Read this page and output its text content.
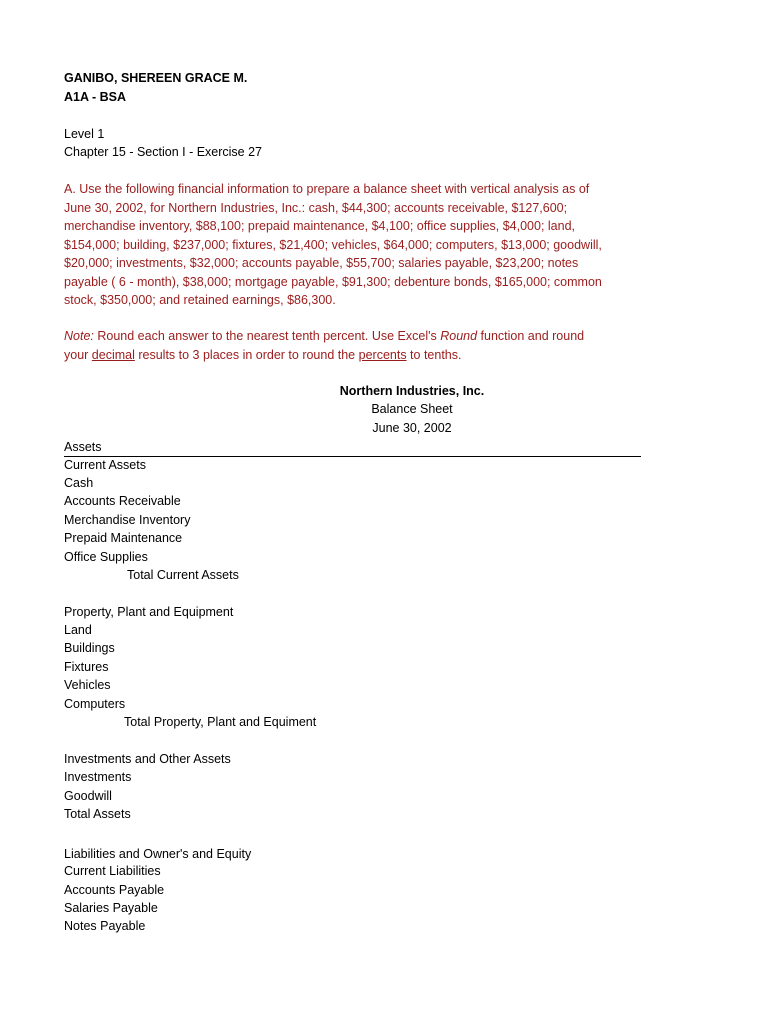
GANIBO, SHEREEN GRACE M.
A1A - BSA
Level 1
Chapter 15 - Section I - Exercise 27
A. Use the following financial information to prepare a balance sheet with vertical analysis as of
June 30, 2002, for Northern Industries, Inc.: cash, $44,300; accounts receivable, $127,600;
merchandise inventory, $88,100; prepaid maintenance, $4,100; office supplies, $4,000; land,
$154,000; building, $237,000; fixtures, $21,400; vehicles, $64,000; computers, $13,000; goodwill,
$20,000; investments, $32,000; accounts payable, $55,700; salaries payable, $23,200; notes
payable ( 6 - month), $38,000; mortgage payable, $91,300; debenture bonds, $165,000; common
stock, $350,000; and retained earnings, $86,300.
Note: Round each answer to the nearest tenth percent. Use Excel's Round function and round
your decimal results to 3 places in order to round the percents to tenths.
Northern Industries, Inc.
Balance Sheet
June 30, 2002
Assets
Current Assets
Cash
Accounts Receivable
Merchandise Inventory
Prepaid Maintenance
Office Supplies
Total Current Assets
Property, Plant and Equipment
Land
Buildings
Fixtures
Vehicles
Computers
Total Property, Plant and Equiment
Investments and Other Assets
Investments
Goodwill
Total Assets
Liabilities and Owner's and Equity
Current Liabilities
Accounts Payable
Salaries Payable
Notes Payable
